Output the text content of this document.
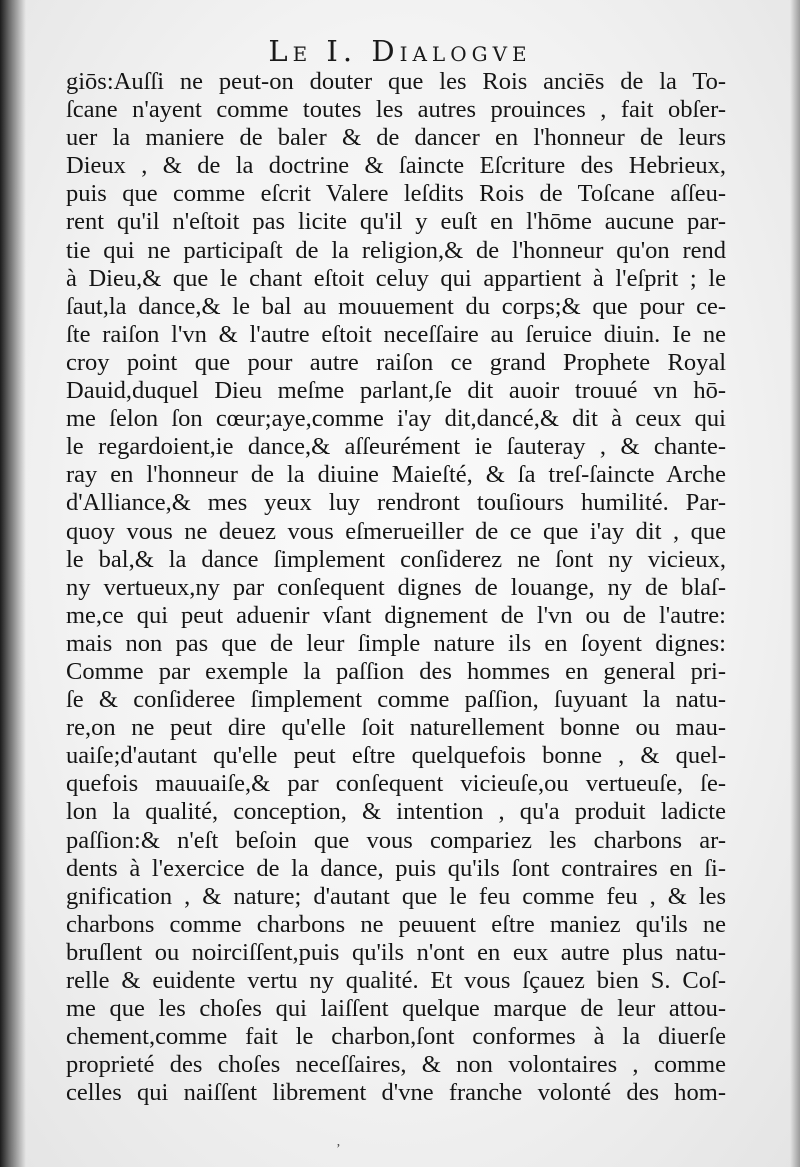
Le I. Dialogve
giōs:Auſſi ne peut-on douter que les Rois anciēs de la To-
ſcane n'ayent comme toutes les autres prouinces , fait obſer-
uer la maniere de baler & de dancer en l'honneur de leurs
Dieux , & de la doctrine & ſaincte Eſcriture des Hebrieux,
puis que comme eſcrit Valere leſdits Rois de Toſcane aſſeu-
rent qu'il n'eſtoit pas licite qu'il y euſt en l'hōme aucune par-
tie qui ne participaſt de la religion,& de l'honneur qu'on rend
à Dieu,& que le chant eſtoit celuy qui appartient à l'eſprit ; le
ſaut,la dance,& le bal au mouuement du corps;& que pour ce-
ſte raiſon l'vn & l'autre eſtoit neceſſaire au ſeruice diuin. Ie ne
croy point que pour autre raiſon ce grand Prophete Royal
Dauid,duquel Dieu meſme parlant,ſe dit auoir trouué vn hō-
me ſelon ſon cœur;aye,comme i'ay dit,dancé,& dit à ceux qui
le regardoient,ie dance,& aſſeurément ie ſauteray , & chante-
ray en l'honneur de la diuine Maieſté, & ſa treſ-ſaincte Arche
d'Alliance,& mes yeux luy rendront touſiours humilité. Par-
quoy vous ne deuez vous eſmerueiller de ce que i'ay dit , que
le bal,& la dance ſimplement conſiderez ne ſont ny vicieux,
ny vertueux,ny par conſequent dignes de louange, ny de blaſ-
me,ce qui peut aduenir vſant dignement de l'vn ou de l'autre:
mais non pas que de leur ſimple nature ils en ſoyent dignes:
Comme par exemple la paſſion des hommes en general pri-
ſe & conſideree ſimplement comme paſſion, ſuyuant la natu-
re,on ne peut dire qu'elle ſoit naturellement bonne ou mau-
uaiſe;d'autant qu'elle peut eſtre quelquefois bonne , & quel-
quefois mauuaiſe,& par conſequent vicieuſe,ou vertueuſe, ſe-
lon la qualité, conception, & intention , qu'a produit ladicte
paſſion:& n'eſt beſoin que vous compariez les charbons ar-
dents à l'exercice de la dance, puis qu'ils ſont contraires en ſi-
gnification , & nature; d'autant que le feu comme feu , & les
charbons comme charbons ne peuuent eſtre maniez qu'ils ne
bruſlent ou noirciſſent,puis qu'ils n'ont en eux autre plus natu-
relle & euidente vertu ny qualité. Et vous ſçauez bien S. Coſ-
me que les choſes qui laiſſent quelque marque de leur attou-
chement,comme fait le charbon,ſont conformes à la diuerſe
proprieté des choſes neceſſaires, & non volontaires , comme
celles qui naiſſent librement d'vne franche volonté des hom-
ʼ
